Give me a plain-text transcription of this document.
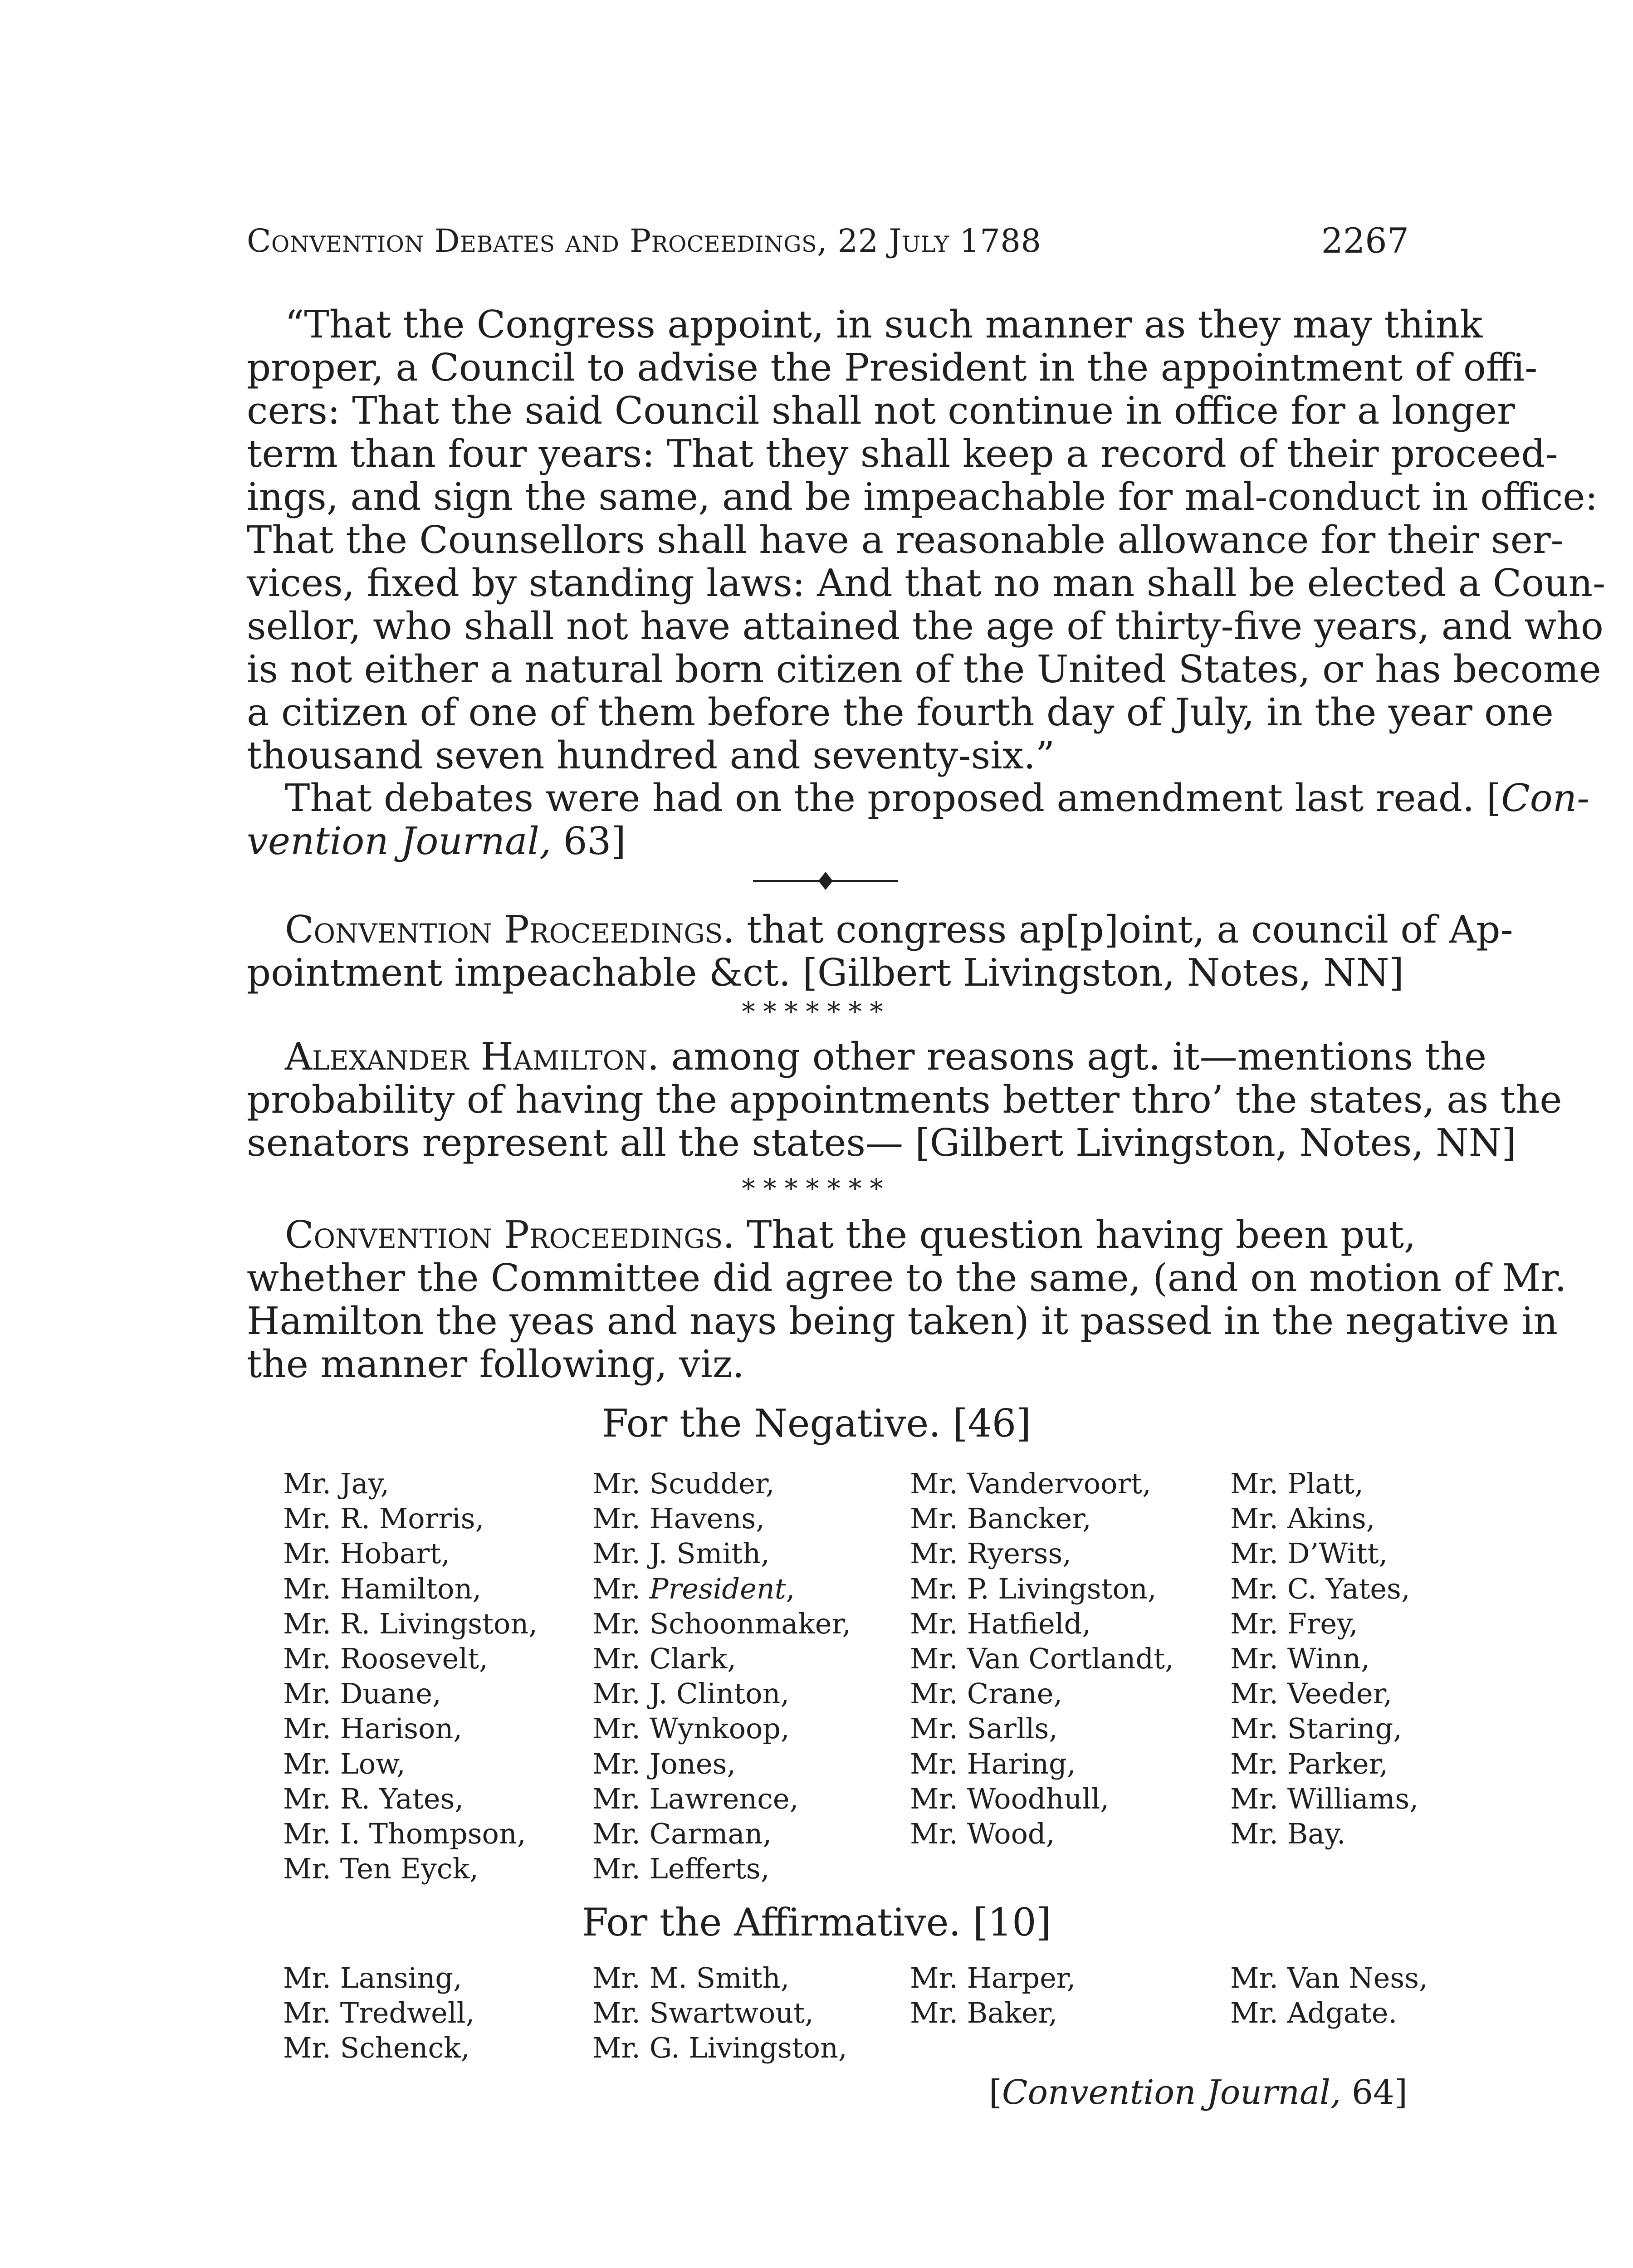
Convention Debates and Proceedings, 22 July 1788	2267
“That the Congress appoint, in such manner as they may think
proper, a Council to advise the President in the appointment of offi-
cers: That the said Council shall not continue in office for a longer
term than four years: That they shall keep a record of their proceed-
ings, and sign the same, and be impeachable for mal-conduct in office:
That the Counsellors shall have a reasonable allowance for their ser-
vices, fixed by standing laws: And that no man shall be elected a Coun-
sellor, who shall not have attained the age of thirty-five years, and who
is not either a natural born citizen of the United States, or has become
a citizen of one of them before the fourth day of July, in the year one
thousand seven hundred and seventy-six.”
That debates were had on the proposed amendment last read. [Con-
vention Journal, 63]
Convention Proceedings. that congress ap[p]oint, a council of Ap-
pointment impeachable &ct. [Gilbert Livingston, Notes, NN]
*******
Alexander Hamilton. among other reasons agt. it—mentions the
probability of having the appointments better thro’ the states, as the
senators represent all the states— [Gilbert Livingston, Notes, NN]
*******
Convention Proceedings. That the question having been put,
whether the Committee did agree to the same, (and on motion of Mr.
Hamilton the yeas and nays being taken) it passed in the negative in
the manner following, viz.
For the Negative. [46]
Mr. Jay,
Mr. R. Morris,
Mr. Hobart,
Mr. Hamilton,
Mr. R. Livingston,
Mr. Roosevelt,
Mr. Duane,
Mr. Harison,
Mr. Low,
Mr. R. Yates,
Mr. I. Thompson,
Mr. Ten Eyck,
Mr. Scudder,
Mr. Havens,
Mr. J. Smith,
Mr. President,
Mr. Schoonmaker,
Mr. Clark,
Mr. J. Clinton,
Mr. Wynkoop,
Mr. Jones,
Mr. Lawrence,
Mr. Carman,
Mr. Lefferts,
Mr. Vandervoort,
Mr. Bancker,
Mr. Ryerss,
Mr. P. Livingston,
Mr. Hatfield,
Mr. Van Cortlandt,
Mr. Crane,
Mr. Sarlls,
Mr. Haring,
Mr. Woodhull,
Mr. Wood,
Mr. Platt,
Mr. Akins,
Mr. D’Witt,
Mr. C. Yates,
Mr. Frey,
Mr. Winn,
Mr. Veeder,
Mr. Staring,
Mr. Parker,
Mr. Williams,
Mr. Bay.
For the Affirmative. [10]
Mr. Lansing,
Mr. Tredwell,
Mr. Schenck,
Mr. M. Smith,
Mr. Swartwout,
Mr. G. Livingston,
Mr. Harper,
Mr. Baker,
Mr. Van Ness,
Mr. Adgate.
[Convention Journal, 64]
